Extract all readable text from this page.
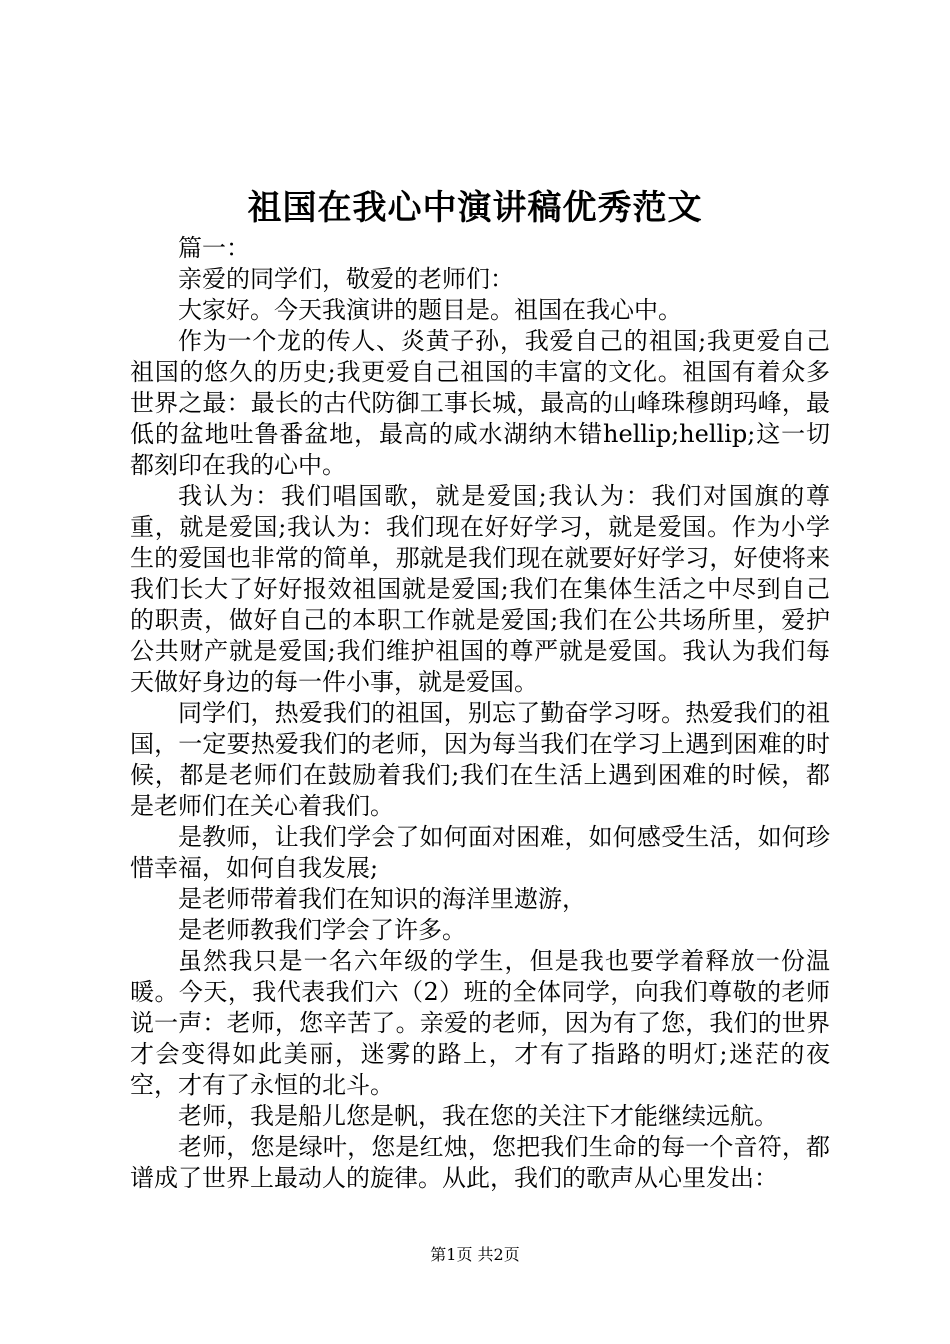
祖国在我心中演讲稿优秀范文

篇一：

亲爱的同学们，敬爱的老师们：

大家好。今天我演讲的题目是。祖国在我心中。

作为一个龙的传人、炎黄子孙，我爱自己的祖国;我更爱自己祖国的悠久的历史;我更爱自己祖国的丰富的文化。祖国有着众多世界之最：最长的古代防御工事长城，最高的山峰珠穆朗玛峰，最低的盆地吐鲁番盆地，最高的咸水湖纳木错hellip;hellip;这一切都刻印在我的心中。

我认为：我们唱国歌，就是爱国;我认为：我们对国旗的尊重，就是爱国;我认为：我们现在好好学习，就是爱国。作为小学生的爱国也非常的简单，那就是我们现在就要好好学习，好使将来我们长大了好好报效祖国就是爱国;我们在集体生活之中尽到自己的职责，做好自己的本职工作就是爱国;我们在公共场所里，爱护公共财产就是爱国;我们维护祖国的尊严就是爱国。我认为我们每天做好身边的每一件小事，就是爱国。

同学们，热爱我们的祖国，别忘了勤奋学习呀。热爱我们的祖国，一定要热爱我们的老师，因为每当我们在学习上遇到困难的时候，都是老师们在鼓励着我们;我们在生活上遇到困难的时候，都是老师们在关心着我们。

是教师，让我们学会了如何面对困难，如何感受生活，如何珍惜幸福，如何自我发展;

是老师带着我们在知识的海洋里遨游，

是老师教我们学会了许多。

虽然我只是一名六年级的学生，但是我也要学着释放一份温暖。今天，我代表我们六（2）班的全体同学，向我们尊敬的老师说一声：老师，您辛苦了。亲爱的老师，因为有了您，我们的世界才会变得如此美丽，迷雾的路上，才有了指路的明灯;迷茫的夜空，才有了永恒的北斗。

老师，我是船儿您是帆，我在您的关注下才能继续远航。

老师，您是绿叶，您是红烛，您把我们生命的每一个音符，都谱成了世界上最动人的旋律。从此，我们的歌声从心里发出：

第1页 共2页
